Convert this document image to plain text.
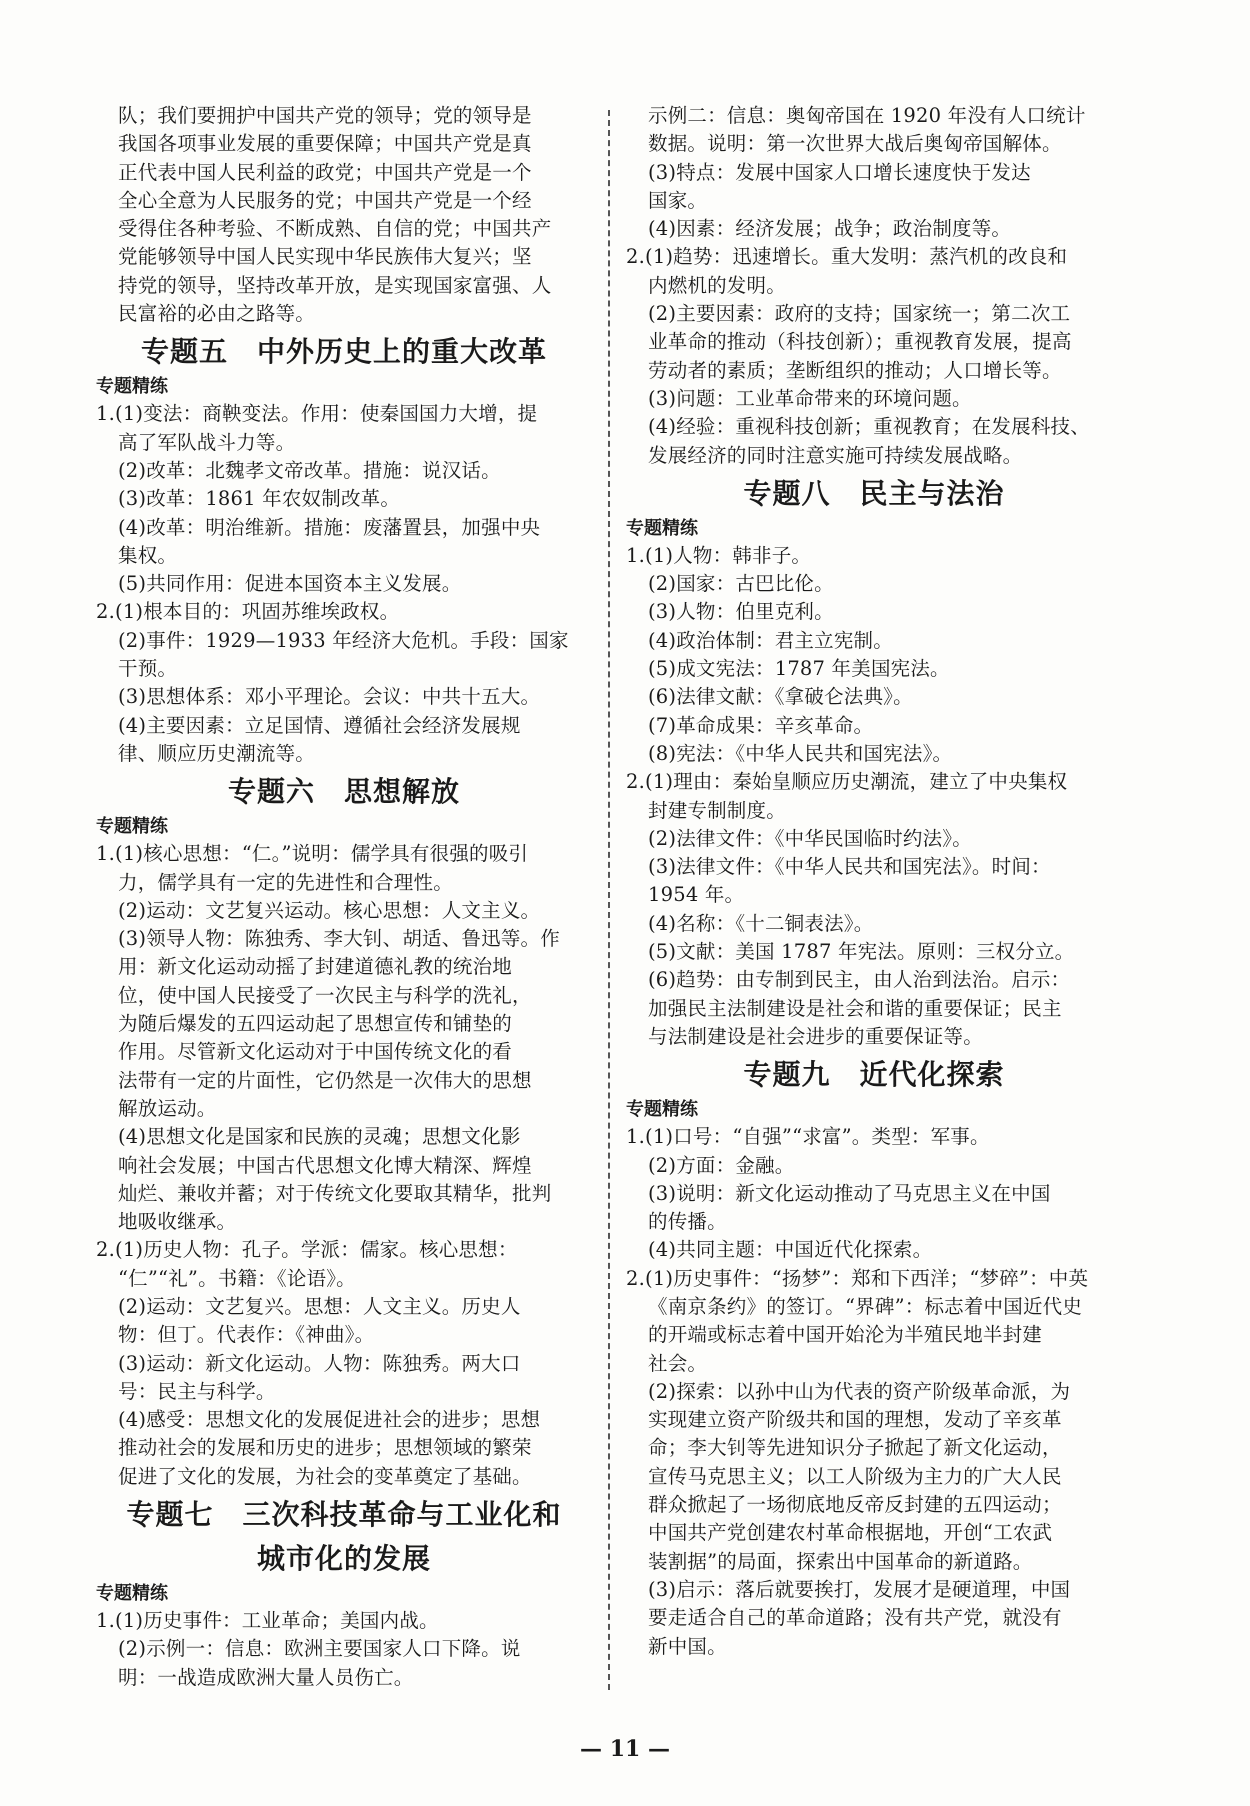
队；我们要拥护中国共产党的领导；党的领导是
我国各项事业发展的重要保障；中国共产党是真
正代表中国人民利益的政党；中国共产党是一个
全心全意为人民服务的党；中国共产党是一个经
受得住各种考验、不断成熟、自信的党；中国共产
党能够领导中国人民实现中华民族伟大复兴；坚
持党的领导，坚持改革开放，是实现国家富强、人
民富裕的必由之路等。
专题五　中外历史上的重大改革
专题精练
1.(1)变法：商鞅变法。作用：使秦国国力大增，提
高了军队战斗力等。
(2)改革：北魏孝文帝改革。措施：说汉话。
(3)改革：1861 年农奴制改革。
(4)改革：明治维新。措施：废藩置县，加强中央
集权。
(5)共同作用：促进本国资本主义发展。
2.(1)根本目的：巩固苏维埃政权。
(2)事件：1929—1933 年经济大危机。手段：国家
干预。
(3)思想体系：邓小平理论。会议：中共十五大。
(4)主要因素：立足国情、遵循社会经济发展规
律、顺应历史潮流等。
专题六　思想解放
专题精练
1.(1)核心思想：“仁。”说明：儒学具有很强的吸引
力，儒学具有一定的先进性和合理性。
(2)运动：文艺复兴运动。核心思想：人文主义。
(3)领导人物：陈独秀、李大钊、胡适、鲁迅等。作
用：新文化运动动摇了封建道德礼教的统治地
位，使中国人民接受了一次民主与科学的洗礼，
为随后爆发的五四运动起了思想宣传和铺垫的
作用。尽管新文化运动对于中国传统文化的看
法带有一定的片面性，它仍然是一次伟大的思想
解放运动。
(4)思想文化是国家和民族的灵魂；思想文化影
响社会发展；中国古代思想文化博大精深、辉煌
灿烂、兼收并蓄；对于传统文化要取其精华，批判
地吸收继承。
2.(1)历史人物：孔子。学派：儒家。核心思想：
“仁”“礼”。书籍：《论语》。
(2)运动：文艺复兴。思想：人文主义。历史人
物：但丁。代表作：《神曲》。
(3)运动：新文化运动。人物：陈独秀。两大口
号：民主与科学。
(4)感受：思想文化的发展促进社会的进步；思想
推动社会的发展和历史的进步；思想领域的繁荣
促进了文化的发展，为社会的变革奠定了基础。
专题七　三次科技革命与工业化和
城市化的发展
专题精练
1.(1)历史事件：工业革命；美国内战。
(2)示例一：信息：欧洲主要国家人口下降。说
明：一战造成欧洲大量人员伤亡。
示例二：信息：奥匈帝国在 1920 年没有人口统计
数据。说明：第一次世界大战后奥匈帝国解体。
(3)特点：发展中国家人口增长速度快于发达
国家。
(4)因素：经济发展；战争；政治制度等。
2.(1)趋势：迅速增长。重大发明：蒸汽机的改良和
内燃机的发明。
(2)主要因素：政府的支持；国家统一；第二次工
业革命的推动（科技创新）；重视教育发展，提高
劳动者的素质；垄断组织的推动；人口增长等。
(3)问题：工业革命带来的环境问题。
(4)经验：重视科技创新；重视教育；在发展科技、
发展经济的同时注意实施可持续发展战略。
专题八　民主与法治
专题精练
1.(1)人物：韩非子。
(2)国家：古巴比伦。
(3)人物：伯里克利。
(4)政治体制：君主立宪制。
(5)成文宪法：1787 年美国宪法。
(6)法律文献：《拿破仑法典》。
(7)革命成果：辛亥革命。
(8)宪法：《中华人民共和国宪法》。
2.(1)理由：秦始皇顺应历史潮流，建立了中央集权
封建专制制度。
(2)法律文件：《中华民国临时约法》。
(3)法律文件：《中华人民共和国宪法》。时间：
1954 年。
(4)名称：《十二铜表法》。
(5)文献：美国 1787 年宪法。原则：三权分立。
(6)趋势：由专制到民主，由人治到法治。启示：
加强民主法制建设是社会和谐的重要保证；民主
与法制建设是社会进步的重要保证等。
专题九　近代化探索
专题精练
1.(1)口号：“自强”“求富”。类型：军事。
(2)方面：金融。
(3)说明：新文化运动推动了马克思主义在中国
的传播。
(4)共同主题：中国近代化探索。
2.(1)历史事件：“扬梦”：郑和下西洋；“梦碎”：中英
《南京条约》的签订。“界碑”：标志着中国近代史
的开端或标志着中国开始沦为半殖民地半封建
社会。
(2)探索：以孙中山为代表的资产阶级革命派，为
实现建立资产阶级共和国的理想，发动了辛亥革
命；李大钊等先进知识分子掀起了新文化运动，
宣传马克思主义；以工人阶级为主力的广大人民
群众掀起了一场彻底地反帝反封建的五四运动；
中国共产党创建农村革命根据地，开创“工农武
装割据”的局面，探索出中国革命的新道路。
(3)启示：落后就要挨打，发展才是硬道理，中国
要走适合自己的革命道路；没有共产党，就没有
新中国。
— 11 —
